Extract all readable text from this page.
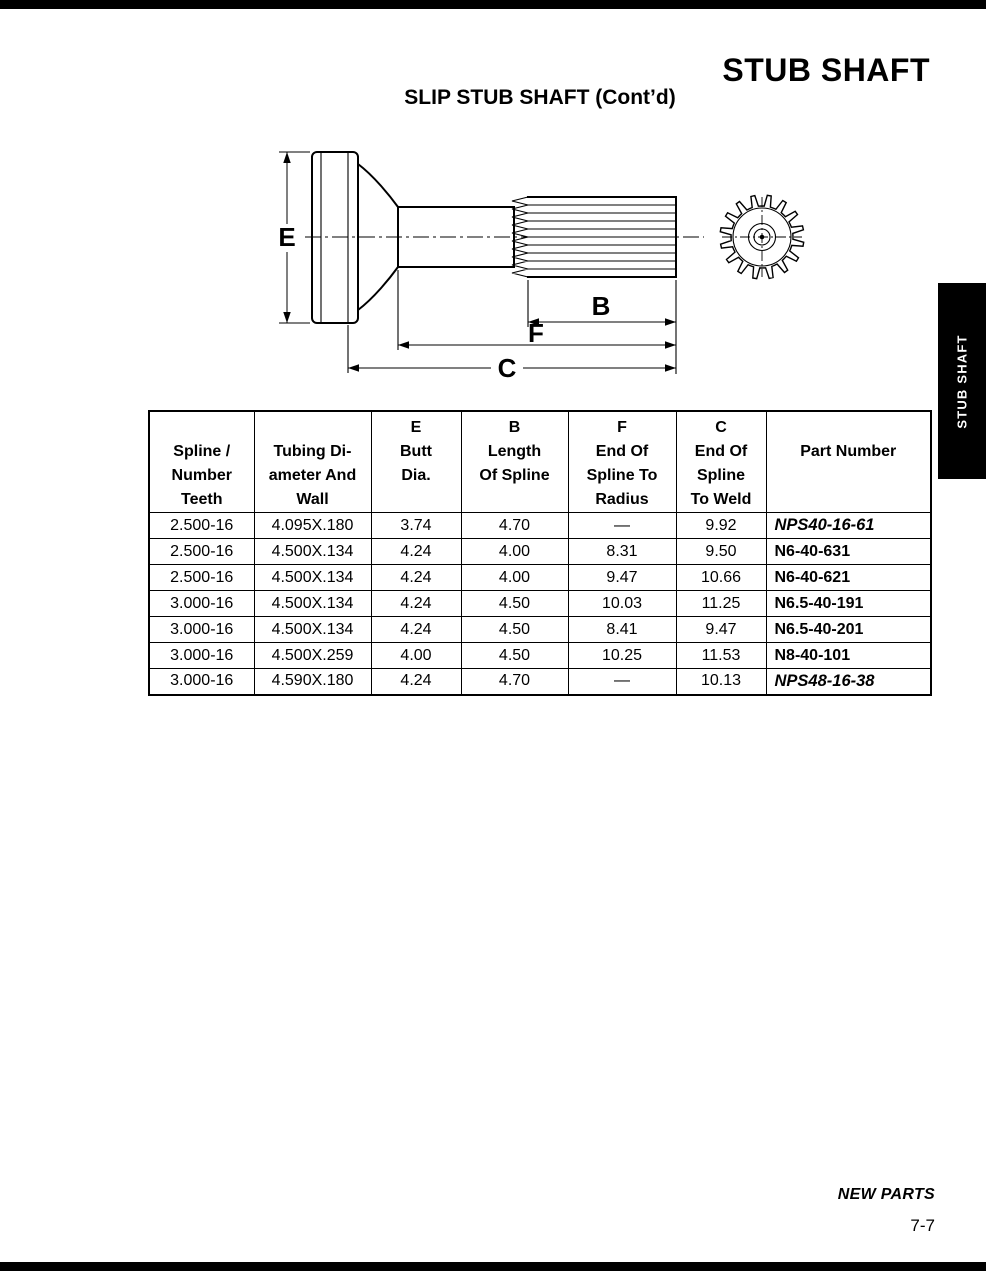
STUB SHAFT
SLIP STUB SHAFT (Cont’d)
E
B
F
C	STUB SHAFT
Spline /
Number
Teeth

Tubing Di-
ameter And
Wall

E
Butt
Dia.

B
Length
Of Spline

F
End Of
Spline To
Radius

C
End Of
Spline
To Weld

Part Number

2.500-16	4.095X.180	3.74	4.70	—	9.92	NPS40-16-61
2.500-16	4.500X.134	4.24	4.00	8.31	9.50	N6-40-631
2.500-16	4.500X.134	4.24	4.00	9.47	10.66	N6-40-621
3.000-16	4.500X.134	4.24	4.50	10.03	11.25	N6.5-40-191
3.000-16	4.500X.134	4.24	4.50	8.41	9.47	N6.5-40-201
3.000-16	4.500X.259	4.00	4.50	10.25	11.53	N8-40-101
3.000-16	4.590X.180	4.24	4.70	—	10.13	NPS48-16-38
NEW PARTS
7-7
